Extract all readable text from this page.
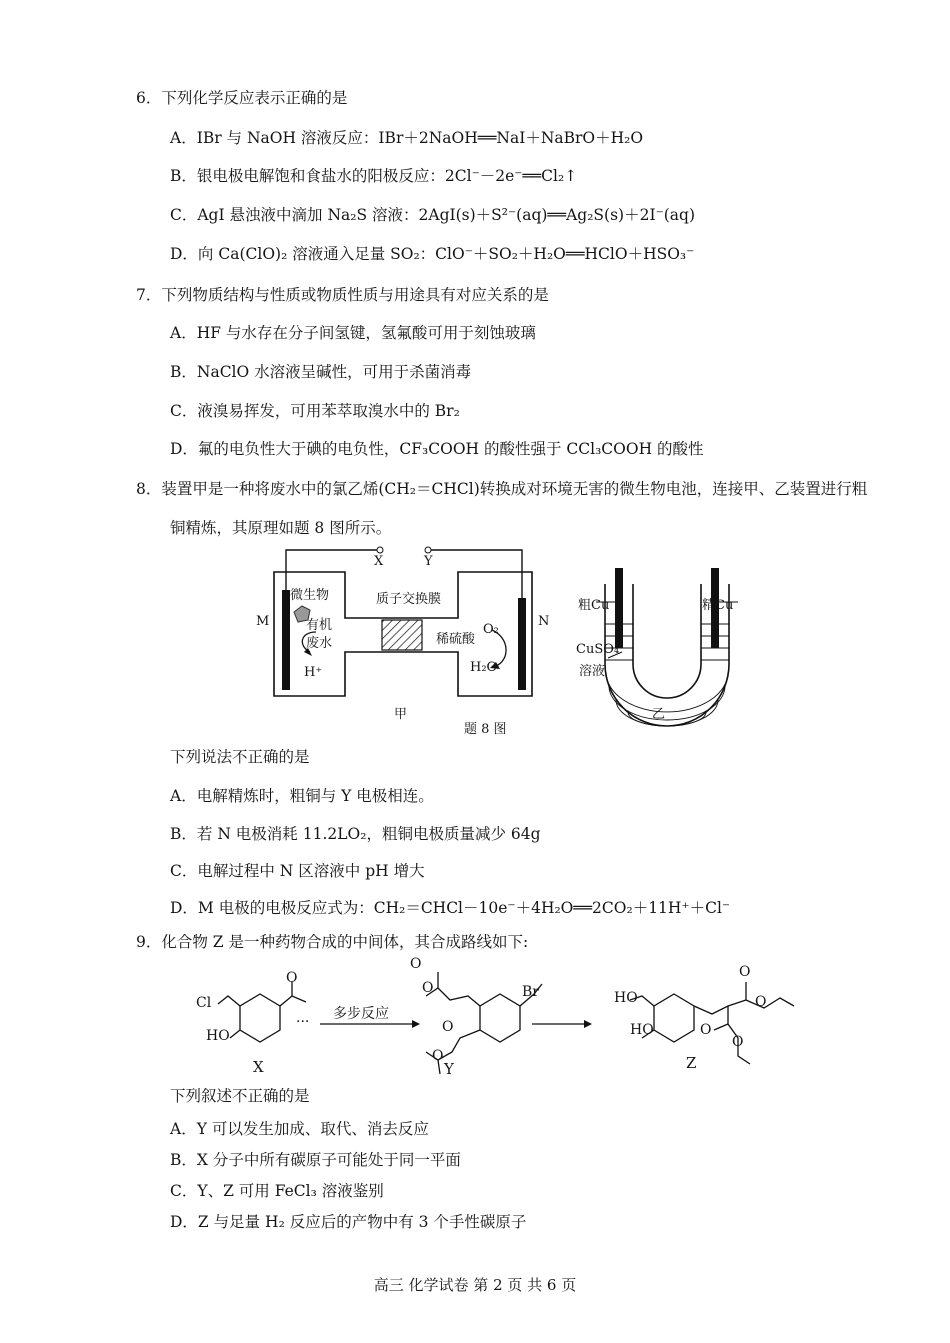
6．下列化学反应表示正确的是
A．IBr 与 NaOH 溶液反应：IBr＋2NaOH══NaI＋NaBrO＋H₂O
B．银电极电解饱和食盐水的阳极反应：2Cl⁻－2e⁻══Cl₂↑
C．AgI 悬浊液中滴加 Na₂S 溶液：2AgI(s)＋S²⁻(aq)══Ag₂S(s)＋2I⁻(aq)
D．向 Ca(ClO)₂ 溶液通入足量 SO₂：ClO⁻＋SO₂＋H₂O══HClO＋HSO₃⁻
7．下列物质结构与性质或物质性质与用途具有对应关系的是
A．HF 与水存在分子间氢键，氢氟酸可用于刻蚀玻璃
B．NaClO 水溶液呈碱性，可用于杀菌消毒
C．液溴易挥发，可用苯萃取溴水中的 Br₂
D．氟的电负性大于碘的电负性，CF₃COOH 的酸性强于 CCl₃COOH 的酸性
8．装置甲是一种将废水中的氯乙烯(CH₂＝CHCl)转换成对环境无害的微生物电池，连接甲、乙装置进行粗
铜精炼，其原理如题 8 图所示。
X	Y
微生物	质子交换膜
M	N
有机
废水
H⁺
稀硫酸
O₂
H₂O
粗Cu	精Cu
CuSO₄
溶液
甲	乙
题 8 图
下列说法不正确的是
A．电解精炼时，粗铜与 Y 电极相连。
B．若 N 电极消耗 11.2LO₂，粗铜电极质量减少 64g
C．电解过程中 N 区溶液中 pH 增大
D．M 电极的电极反应式为：CH₂＝CHCl－10e⁻＋4H₂O══2CO₂＋11H⁺＋Cl⁻
9．化合物 Z 是一种药物合成的中间体，其合成路线如下:
Cl
HO
O
··· 多步反应
O
O	Br
O
O
HO
HO
O
O
O
O
X	Y	Z
下列叙述不正确的是
A．Y 可以发生加成、取代、消去反应
B．X 分子中所有碳原子可能处于同一平面
C．Y、Z 可用 FeCl₃ 溶液鉴别
D．Z 与足量 H₂ 反应后的产物中有 3 个手性碳原子
高三 化学试卷 第 2 页 共 6 页
